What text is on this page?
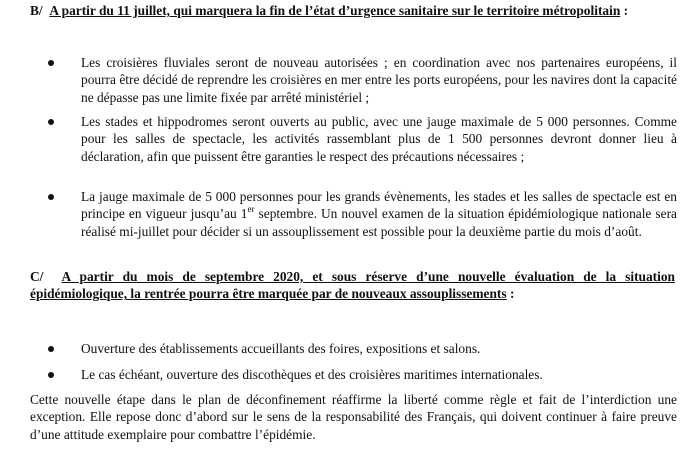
B/ A partir du 11 juillet, qui marquera la fin de l’état d’urgence sanitaire sur le territoire métropolitain :
Les croisières fluviales seront de nouveau autorisées ; en coordination avec nos partenaires européens, il pourra être décidé de reprendre les croisières en mer entre les ports européens, pour les navires dont la capacité ne dépasse pas une limite fixée par arrêté ministériel ;
Les stades et hippodromes seront ouverts au public, avec une jauge maximale de 5 000 personnes. Comme pour les salles de spectacle, les activités rassemblant plus de 1 500 personnes devront donner lieu à déclaration, afin que puissent être garanties le respect des précautions nécessaires ;
La jauge maximale de 5 000 personnes pour les grands évènements, les stades et les salles de spectacle est en principe en vigueur jusqu’au 1er septembre. Un nouvel examen de la situation épidémiologique nationale sera réalisé mi-juillet pour décider si un assouplissement est possible pour la deuxième partie du mois d’août.
C/ A partir du mois de septembre 2020, et sous réserve d’une nouvelle évaluation de la situation épidémiologique, la rentrée pourra être marquée par de nouveaux assouplissements :
Ouverture des établissements accueillants des foires, expositions et salons.
Le cas échéant, ouverture des discothèques et des croisières maritimes internationales.
Cette nouvelle étape dans le plan de déconfinement réaffirme la liberté comme règle et fait de l’interdiction une exception. Elle repose donc d’abord sur le sens de la responsabilité des Français, qui doivent continuer à faire preuve d’une attitude exemplaire pour combattre l’épidémie.
